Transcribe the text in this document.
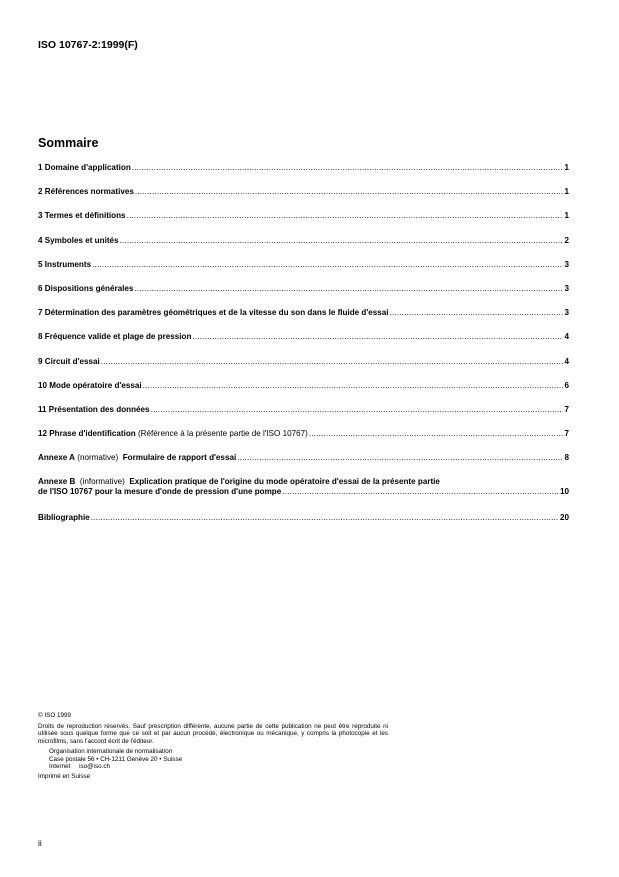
ISO 10767-2:1999(F)
Sommaire
1 Domaine d'application .....	1
2 Références normatives .....	1
3 Termes et définitions .....	1
4 Symboles et unités .....	2
5 Instruments .....	3
6 Dispositions générales .....	3
7 Détermination des paramètres géométriques et de la vitesse du son dans le fluide d'essai .....	3
8 Fréquence valide et plage de pression .....	4
9 Circuit d'essai .....	4
10 Mode opératoire d'essai .....	6
11 Présentation des données .....	7
12 Phrase d'identification
(Référence à la présente partie de l'ISO 10767) .....	7
Annexe A
(normative)
Formulaire de rapport d'essai .....	8
Annexe B (informative) Explication pratique de l'origine du mode opératoire d'essai de la présente partie
de l'ISO 10767 pour la mesure d'onde de pression d'une pompe .....	10
Bibliographie .....	20
© ISO 1999
Droits de reproduction réservés. Sauf prescription différente, aucune partie de cette publication ne peut être reproduite ni utilisée sous quelque forme que ce soit et par aucun procédé, électronique ou mécanique, y compris la photocopie et les microfilms, sans l'accord écrit de l'éditeur.
Organisation internationale de normalisation
Case postale 56 • CH-1211 Genève 20 • Suisse
Internet     iso@iso.ch
Imprimé en Suisse
ii
